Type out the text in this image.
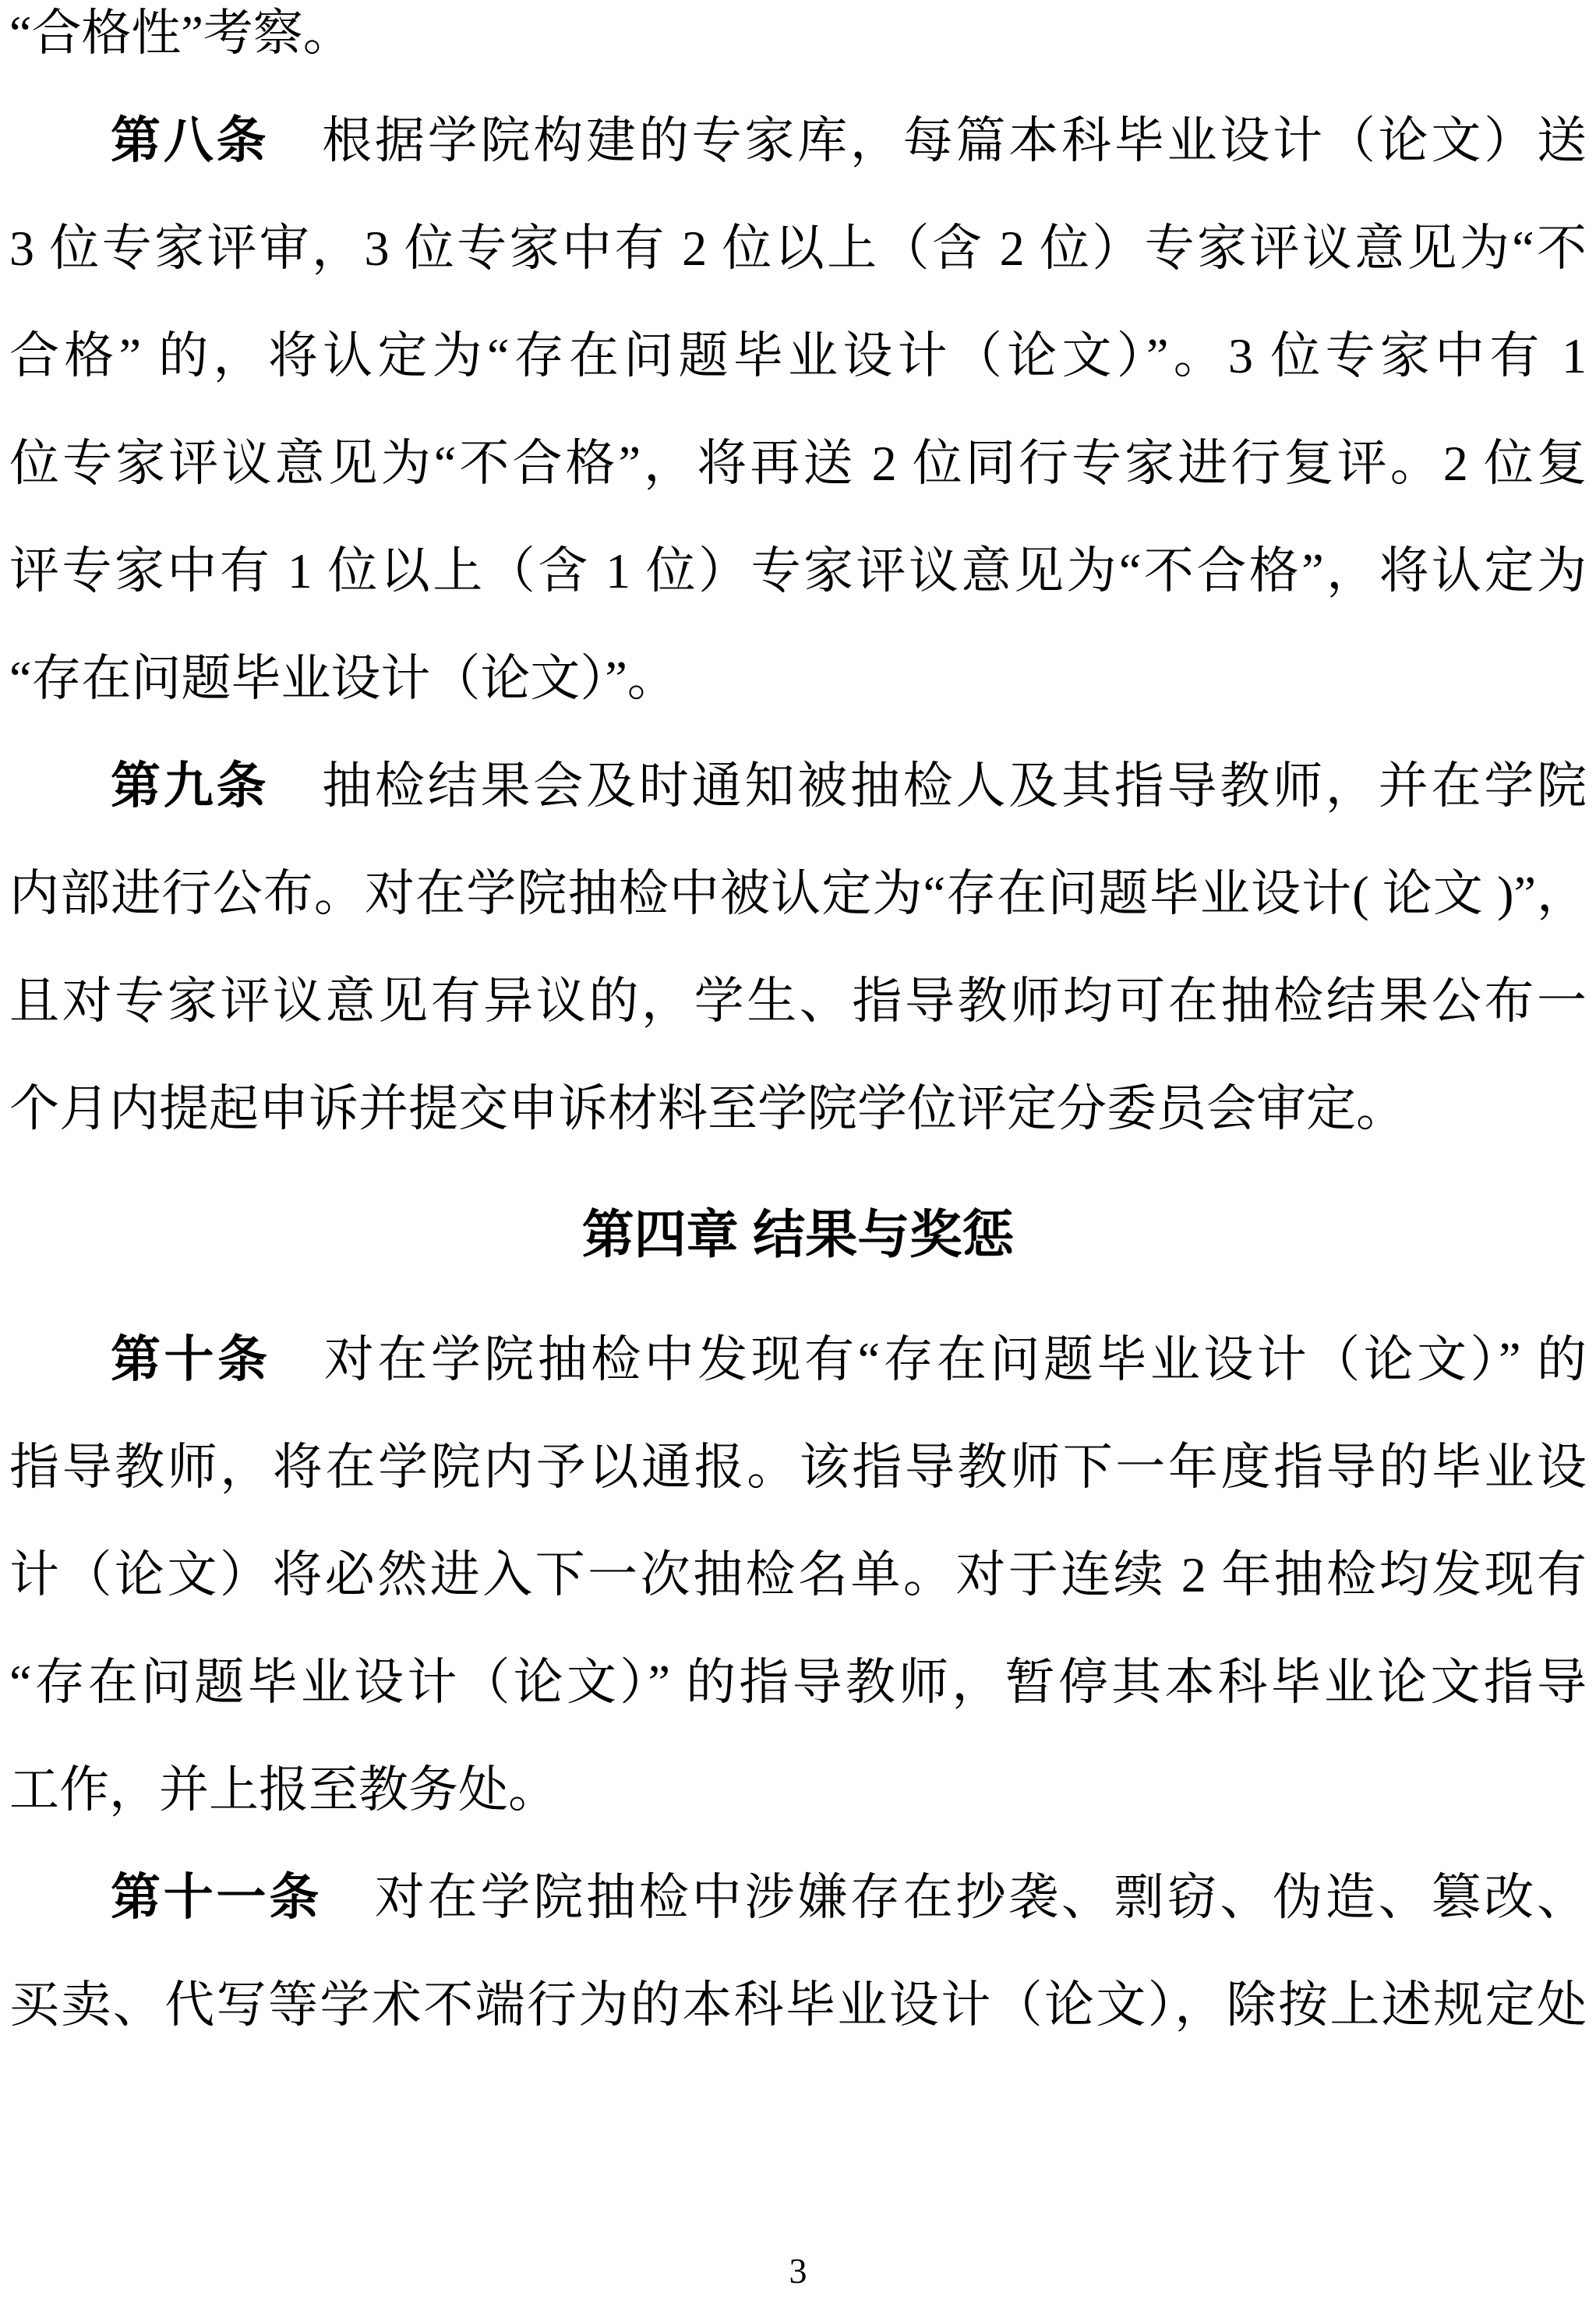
“合格性”考察。
第八条　根据学院构建的专家库，每篇本科毕业设计（论文）送
3 位专家评审，3 位专家中有 2 位以上（含 2 位）专家评议意见为“不
合格” 的，将认定为“存在问题毕业设计（论文）”。3 位专家中有 1
位专家评议意见为“不合格”，将再送 2 位同行专家进行复评。2 位复
评专家中有 1 位以上（含 1 位）专家评议意见为“不合格”，将认定为
“存在问题毕业设计（论文）”。
第九条　抽检结果会及时通知被抽检人及其指导教师，并在学院
内部进行公布。对在学院抽检中被认定为“存在问题毕业设计( 论文 )”，
且对专家评议意见有异议的，学生、指导教师均可在抽检结果公布一
个月内提起申诉并提交申诉材料至学院学位评定分委员会审定。
第四章 结果与奖惩
第十条　对在学院抽检中发现有“存在问题毕业设计（论文）” 的
指导教师，将在学院内予以通报。该指导教师下一年度指导的毕业设
计（论文）将必然进入下一次抽检名单。对于连续 2 年抽检均发现有
“存在问题毕业设计（论文）” 的指导教师，暂停其本科毕业论文指导
工作，并上报至教务处。
第十一条　对在学院抽检中涉嫌存在抄袭、剽窃、伪造、篡改、
买卖、代写等学术不端行为的本科毕业设计（论文），除按上述规定处
3
